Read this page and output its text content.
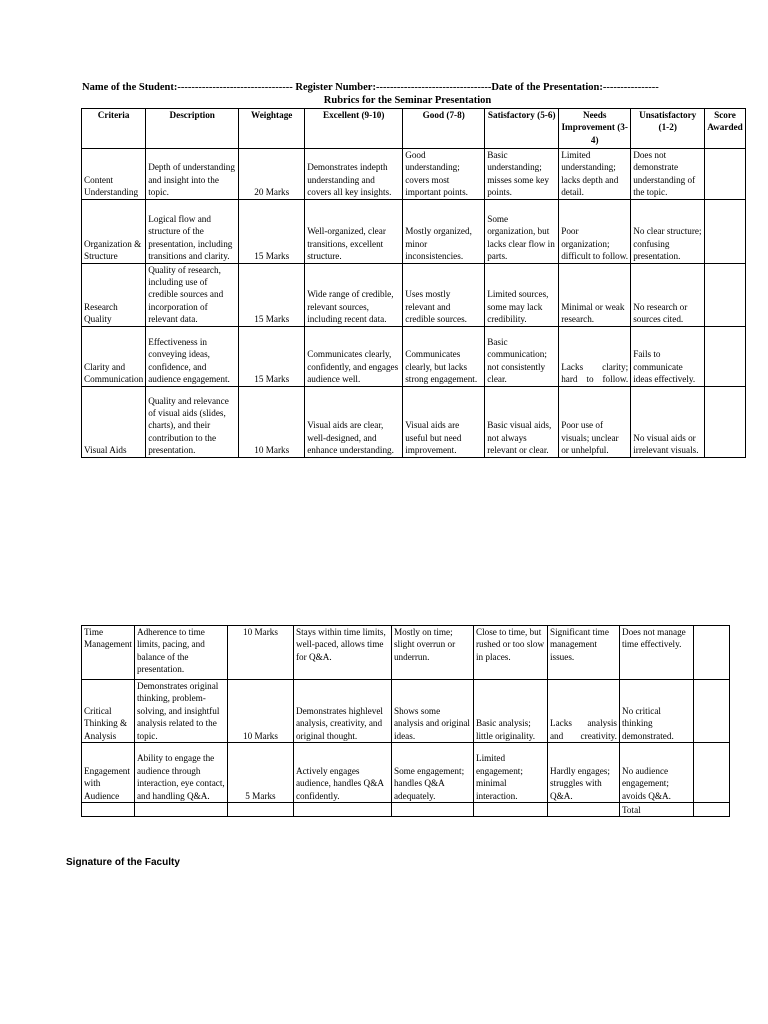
Name of the Student:--------------------------------- Register Number:---------------------------------Date of the Presentation:----------------
Rubrics for the Seminar Presentation
Criteria	Description	Weightage	Excellent (9-10)	Good (7-8)	Satisfactory (5-6)	Needs Improvement (3-4)	Unsatisfactory (1-2)	Score Awarded
Content Understanding	Depth of understanding and insight into the topic.	20 Marks	Demonstrates indepth understanding and covers all key insights.	Good understanding; covers most important points.	Basic understanding; misses some key points.	Limited understanding; lacks depth and detail.	Does not demonstrate understanding of the topic.	
Organization & Structure	Logical flow and structure of the presentation, including transitions and clarity.	15 Marks	Well-organized, clear transitions, excellent structure.	Mostly organized, minor inconsistencies.	Some organization, but lacks clear flow in parts.	Poor organization; difficult to follow.	No clear structure; confusing presentation.	
Research Quality	Quality of research, including use of credible sources and incorporation of relevant data.	15 Marks	Wide range of credible, relevant sources, including recent data.	Uses mostly relevant and credible sources.	Limited sources, some may lack credibility.	Minimal or weak research.	No research or sources cited.	
Clarity and Communication	Effectiveness in conveying ideas, confidence, and audience engagement.	15 Marks	Communicates clearly, confidently, and engages audience well.	Communicates clearly, but lacks strong engagement.	Basic communication; not consistently clear.	Lacks clarity; hard to follow.	Fails to communicate ideas effectively.	
Visual Aids	Quality and relevance of visual aids (slides, charts), and their contribution to the presentation.	10 Marks	Visual aids are clear, well-designed, and enhance understanding.	Visual aids are useful but need improvement.	Basic visual aids, not always relevant or clear.	Poor use of visuals; unclear or unhelpful.	No visual aids or irrelevant visuals.	
Time Management	Adherence to time limits, pacing, and balance of the presentation.	10 Marks	Stays within time limits, well-paced, allows time for Q&A.	Mostly on time; slight overrun or underrun.	Close to time, but rushed or too slow in places.	Significant time management issues.	Does not manage time effectively.	
Critical Thinking & Analysis	Demonstrates original thinking, problem-solving, and insightful analysis related to the topic.	10 Marks	Demonstrates highlevel analysis, creativity, and original thought.	Shows some analysis and original ideas.	Basic analysis; little originality.	Lacks analysis and creativity.	No critical thinking demonstrated.	
Engagement with Audience	Ability to engage the audience through interaction, eye contact, and handling Q&A.	5 Marks	Actively engages audience, handles Q&A confidently.	Some engagement; handles Q&A adequately.	Limited engagement; minimal interaction.	Hardly engages; struggles with Q&A.	No audience engagement; avoids Q&A.	
							Total	
Signature of the Faculty
